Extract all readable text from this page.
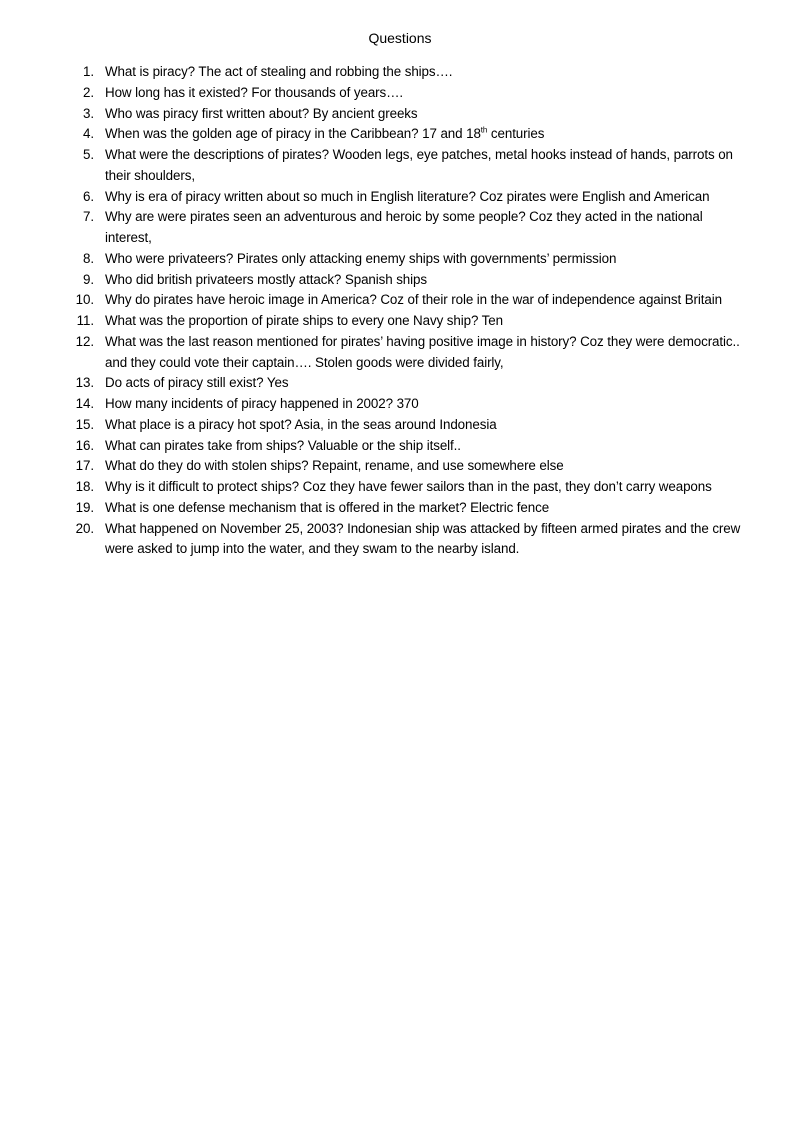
Questions
1. What is piracy? The act of stealing and robbing the ships….
2. How long has it existed? For thousands of years….
3. Who was piracy first written about? By ancient greeks
4. When was the golden age of piracy in the Caribbean? 17 and 18th centuries
5. What were the descriptions of pirates? Wooden legs, eye patches, metal hooks instead of hands, parrots on their shoulders,
6. Why is era of piracy written about so much in English literature? Coz pirates were English and American
7. Why are were pirates seen an adventurous and heroic by some people? Coz they acted in the national interest,
8. Who were privateers? Pirates only attacking enemy ships with governments’ permission
9. Who did british privateers mostly attack? Spanish ships
10. Why do pirates have heroic image in America? Coz of their role in the war of independence against Britain
11. What was the proportion of pirate ships to every one Navy ship? Ten
12. What was the last reason mentioned for pirates’ having positive image in history? Coz they were democratic.. and they could vote their captain…. Stolen goods were divided fairly,
13. Do acts of piracy still exist? Yes
14. How many incidents of piracy happened in 2002? 370
15. What place is a piracy hot spot? Asia, in the seas around Indonesia
16. What can pirates take from ships? Valuable or the ship itself..
17. What do they do with stolen ships? Repaint, rename, and use somewhere else
18. Why is it difficult to protect ships? Coz they have fewer sailors than in the past, they don’t carry weapons
19. What is one defense mechanism that is offered in the market? Electric fence
20. What happened on November 25, 2003? Indonesian ship was attacked by fifteen armed pirates and the crew were asked to jump into the water, and they swam to the nearby island.
